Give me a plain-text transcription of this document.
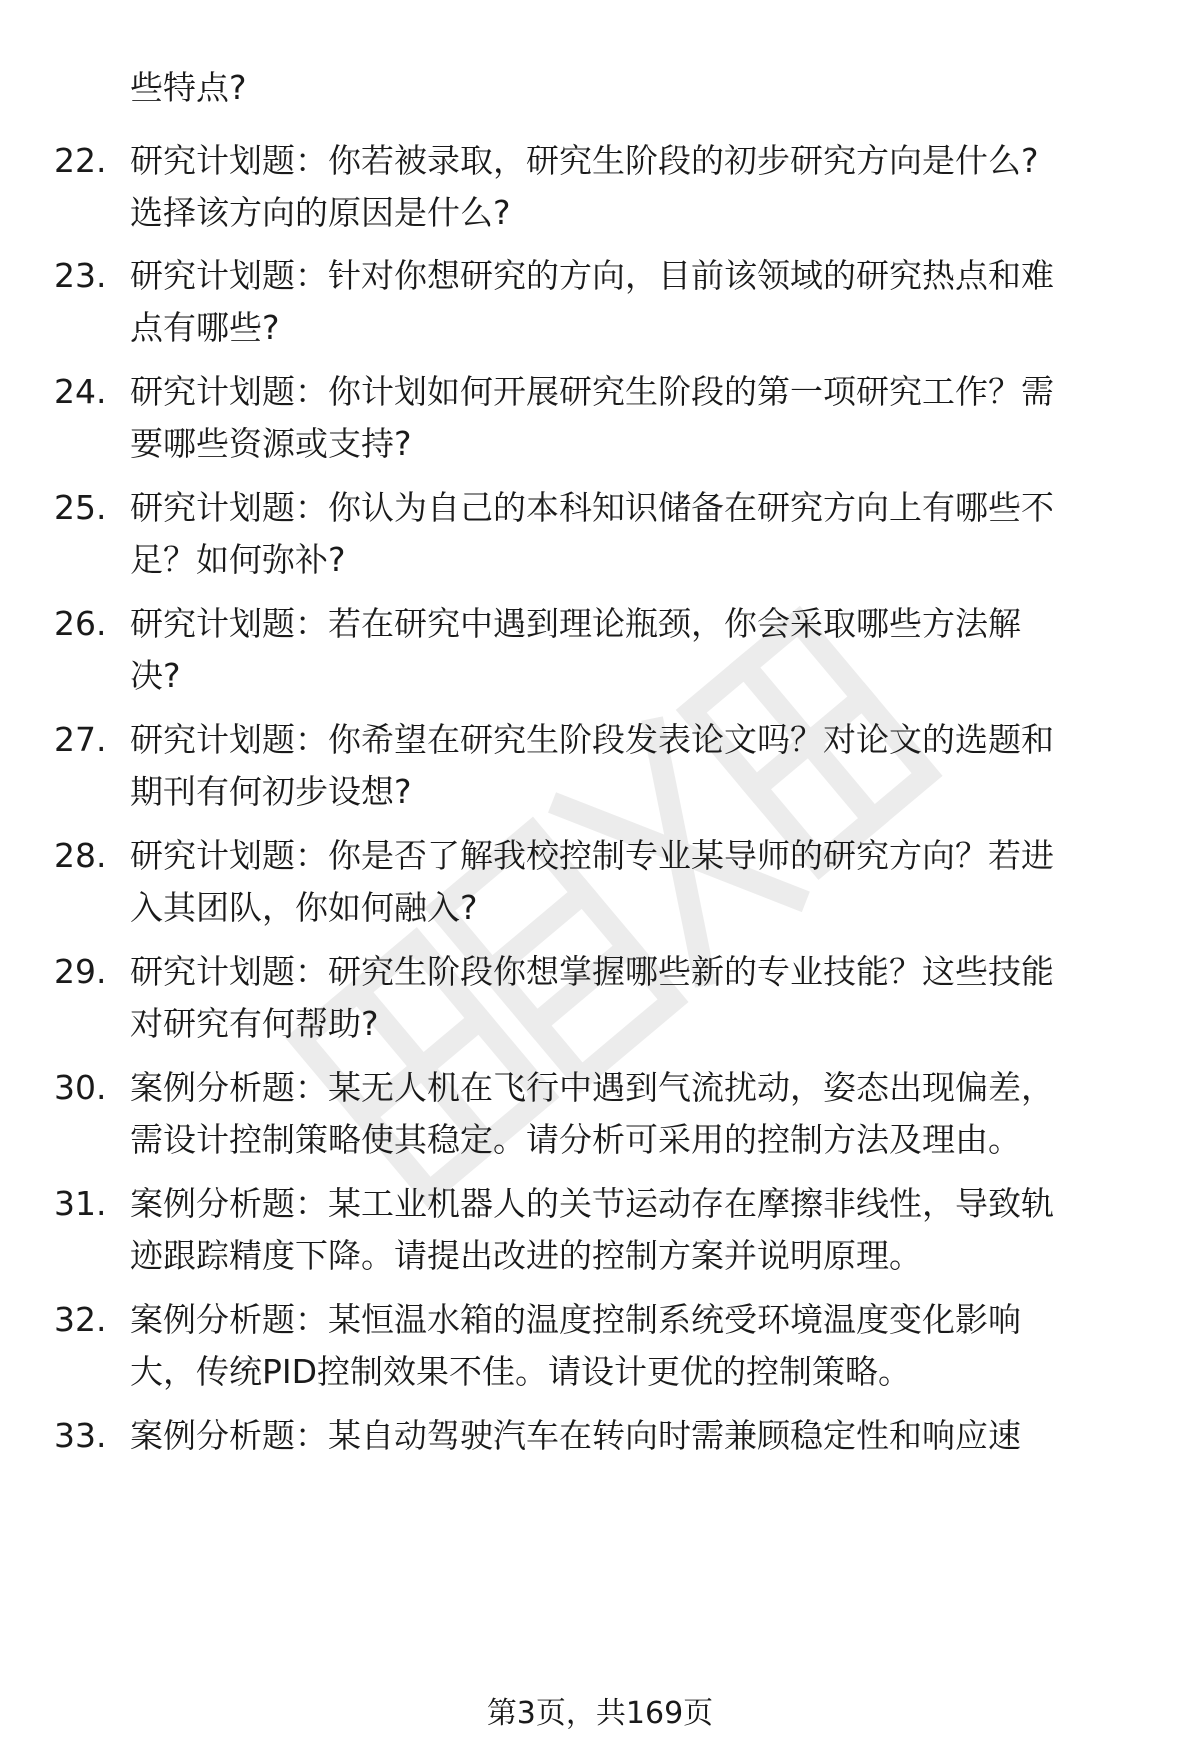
些特点?
22. 研究计划题：你若被录取，研究生阶段的初步研究方向是什么?
选择该方向的原因是什么?
23. 研究计划题：针对你想研究的方向，目前该领域的研究热点和难
点有哪些?
24. 研究计划题：你计划如何开展研究生阶段的第一项研究工作？需
要哪些资源或支持?
25. 研究计划题：你认为自己的本科知识储备在研究方向上有哪些不
足？如何弥补?
26. 研究计划题：若在研究中遇到理论瓶颈，你会采取哪些方法解
决?
27. 研究计划题：你希望在研究生阶段发表论文吗？对论文的选题和
期刊有何初步设想?
28. 研究计划题：你是否了解我校控制专业某导师的研究方向？若进
入其团队，你如何融入?
29. 研究计划题：研究生阶段你想掌握哪些新的专业技能？这些技能
对研究有何帮助?
30. 案例分析题：某无人机在飞行中遇到气流扰动，姿态出现偏差，
需设计控制策略使其稳定。请分析可采用的控制方法及理由。
31. 案例分析题：某工业机器人的关节运动存在摩擦非线性，导致轨
迹跟踪精度下降。请提出改进的控制方案并说明原理。
32. 案例分析题：某恒温水箱的温度控制系统受环境温度变化影响
大，传统PID控制效果不佳。请设计更优的控制策略。
33. 案例分析题：某自动驾驶汽车在转向时需兼顾稳定性和响应速
第3页，共169页
